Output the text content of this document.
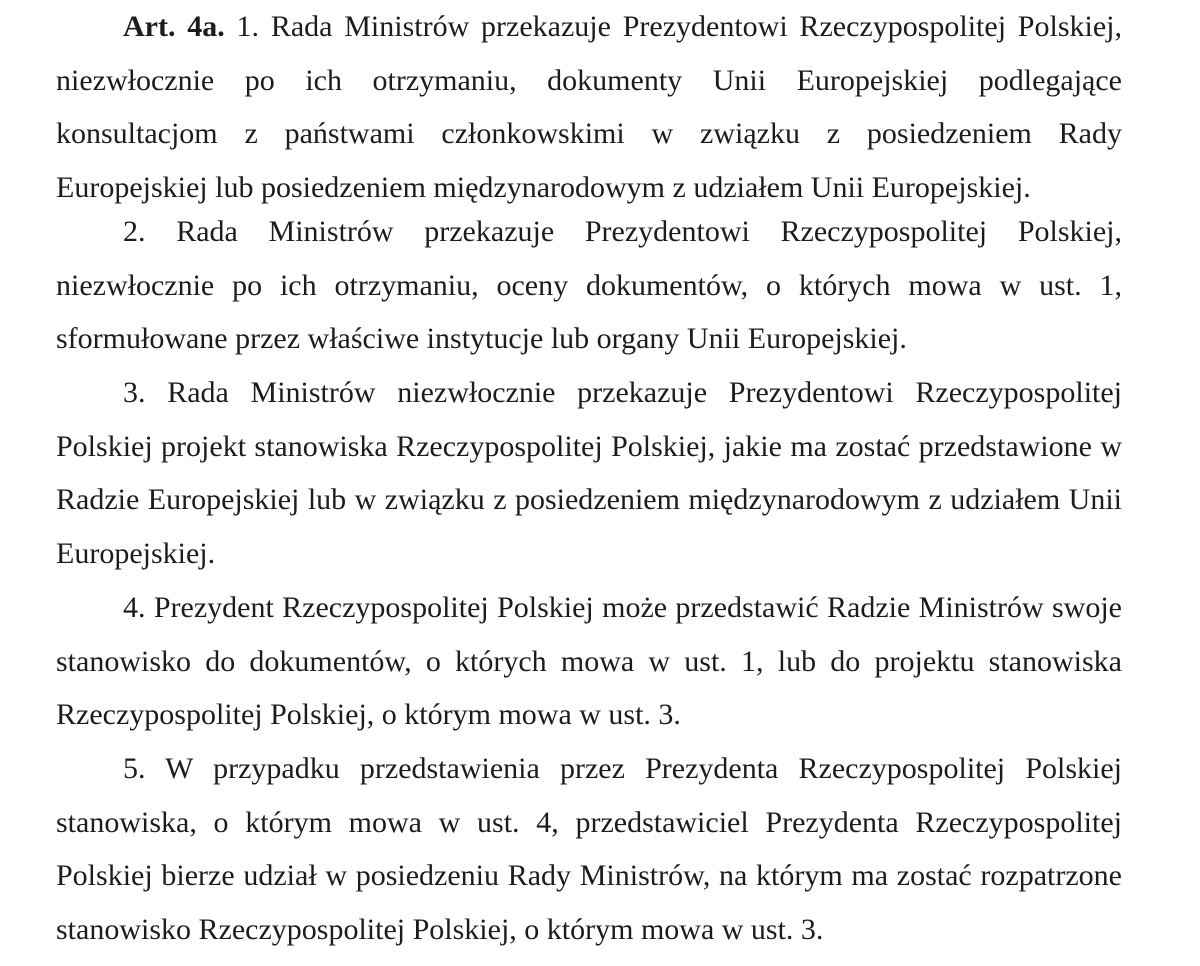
Art. 4a. 1. Rada Ministrów przekazuje Prezydentowi Rzeczypospolitej Polskiej, niezwłocznie po ich otrzymaniu, dokumenty Unii Europejskiej podlegające konsultacjom z państwami członkowskimi w związku z posiedzeniem Rady Europejskiej lub posiedzeniem międzynarodowym z udziałem Unii Europejskiej.

2. Rada Ministrów przekazuje Prezydentowi Rzeczypospolitej Polskiej, niezwłocznie po ich otrzymaniu, oceny dokumentów, o których mowa w ust. 1, sformułowane przez właściwe instytucje lub organy Unii Europejskiej.

3. Rada Ministrów niezwłocznie przekazuje Prezydentowi Rzeczypospolitej Polskiej projekt stanowiska Rzeczypospolitej Polskiej, jakie ma zostać przedstawione w Radzie Europejskiej lub w związku z posiedzeniem międzynarodowym z udziałem Unii Europejskiej.

4. Prezydent Rzeczypospolitej Polskiej może przedstawić Radzie Ministrów swoje stanowisko do dokumentów, o których mowa w ust. 1, lub do projektu stanowiska Rzeczypospolitej Polskiej, o którym mowa w ust. 3.

5. W przypadku przedstawienia przez Prezydenta Rzeczypospolitej Polskiej stanowiska, o którym mowa w ust. 4, przedstawiciel Prezydenta Rzeczypospolitej Polskiej bierze udział w posiedzeniu Rady Ministrów, na którym ma zostać rozpatrzone stanowisko Rzeczypospolitej Polskiej, o którym mowa w ust. 3.
